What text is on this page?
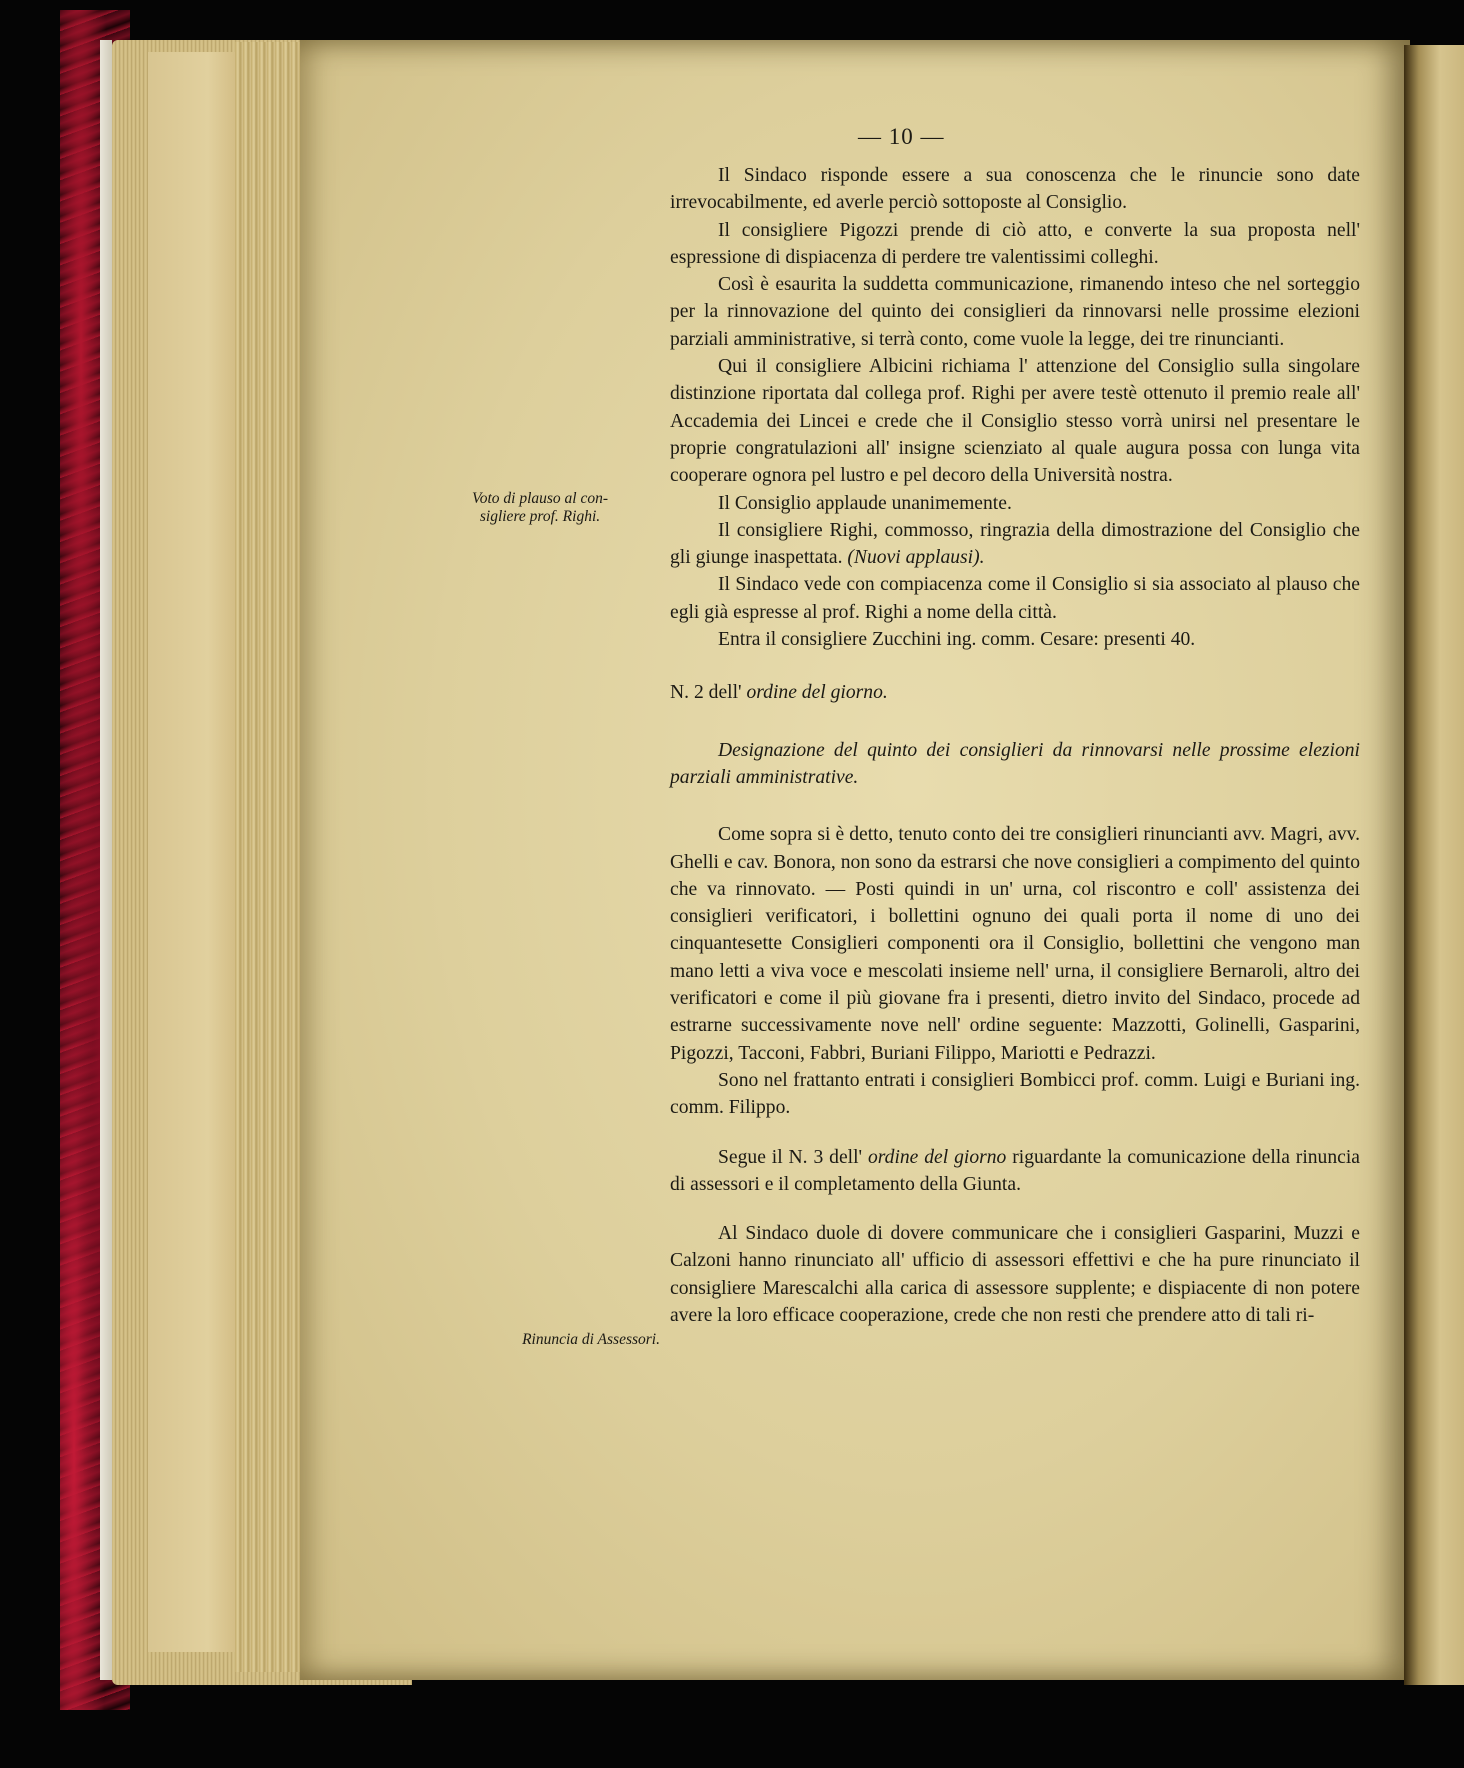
— 10 —
Voto di plauso al con-
sigliere prof. Righi.
Rinuncia di Assessori.

Il Sindaco risponde essere a sua conoscenza che le rinuncie sono date irrevocabilmente, ed averle perciò sottoposte al Consiglio.

Il consigliere Pigozzi prende di ciò atto, e converte la sua proposta nell' espressione di dispiacenza di perdere tre valentissimi colleghi.

Così è esaurita la suddetta communicazione, rimanendo inteso che nel sorteggio per la rinnovazione del quinto dei consiglieri da rinnovarsi nelle prossime elezioni parziali amministrative, si terrà conto, come vuole la legge, dei tre rinuncianti.

Qui il consigliere Albicini richiama l' attenzione del Consiglio sulla singolare distinzione riportata dal collega prof. Righi per avere testè ottenuto il premio reale all' Accademia dei Lincei e crede che il Consiglio stesso vorrà unirsi nel presentare le proprie congratulazioni all' insigne scienziato al quale augura possa con lunga vita cooperare ognora pel lustro e pel decoro della Università nostra.

Il Consiglio applaude unanimemente.

Il consigliere Righi, commosso, ringrazia della dimostrazione del Consiglio che gli giunge inaspettata. (Nuovi applausi).

Il Sindaco vede con compiacenza come il Consiglio si sia associato al plauso che egli già espresse al prof. Righi a nome della città.

Entra il consigliere Zucchini ing. comm. Cesare: presenti 40.

N. 2 dell' ordine del giorno.

Designazione del quinto dei consiglieri da rinnovarsi nelle prossime elezioni parziali amministrative.

Come sopra si è detto, tenuto conto dei tre consiglieri rinuncianti avv. Magri, avv. Ghelli e cav. Bonora, non sono da estrarsi che nove consiglieri a compimento del quinto che va rinnovato. — Posti quindi in un' urna, col riscontro e coll' assistenza dei consiglieri verificatori, i bollettini ognuno dei quali porta il nome di uno dei cinquantesette Consiglieri componenti ora il Consiglio, bollettini che vengono man mano letti a viva voce e mescolati insieme nell' urna, il consigliere Bernaroli, altro dei verificatori e come il più giovane fra i presenti, dietro invito del Sindaco, procede ad estrarne successivamente nove nell' ordine seguente: Mazzotti, Golinelli, Gasparini, Pigozzi, Tacconi, Fabbri, Buriani Filippo, Mariotti e Pedrazzi.

Sono nel frattanto entrati i consiglieri Bombicci prof. comm. Luigi e Buriani ing. comm. Filippo.

Segue il N. 3 dell' ordine del giorno riguardante la comunicazione della rinuncia di assessori e il completamento della Giunta.

Al Sindaco duole di dovere communicare che i consiglieri Gasparini, Muzzi e Calzoni hanno rinunciato all' ufficio di assessori effettivi e che ha pure rinunciato il consigliere Marescalchi alla carica di assessore supplente; e dispiacente di non potere avere la loro efficace cooperazione, crede che non resti che prendere atto di tali ri-
